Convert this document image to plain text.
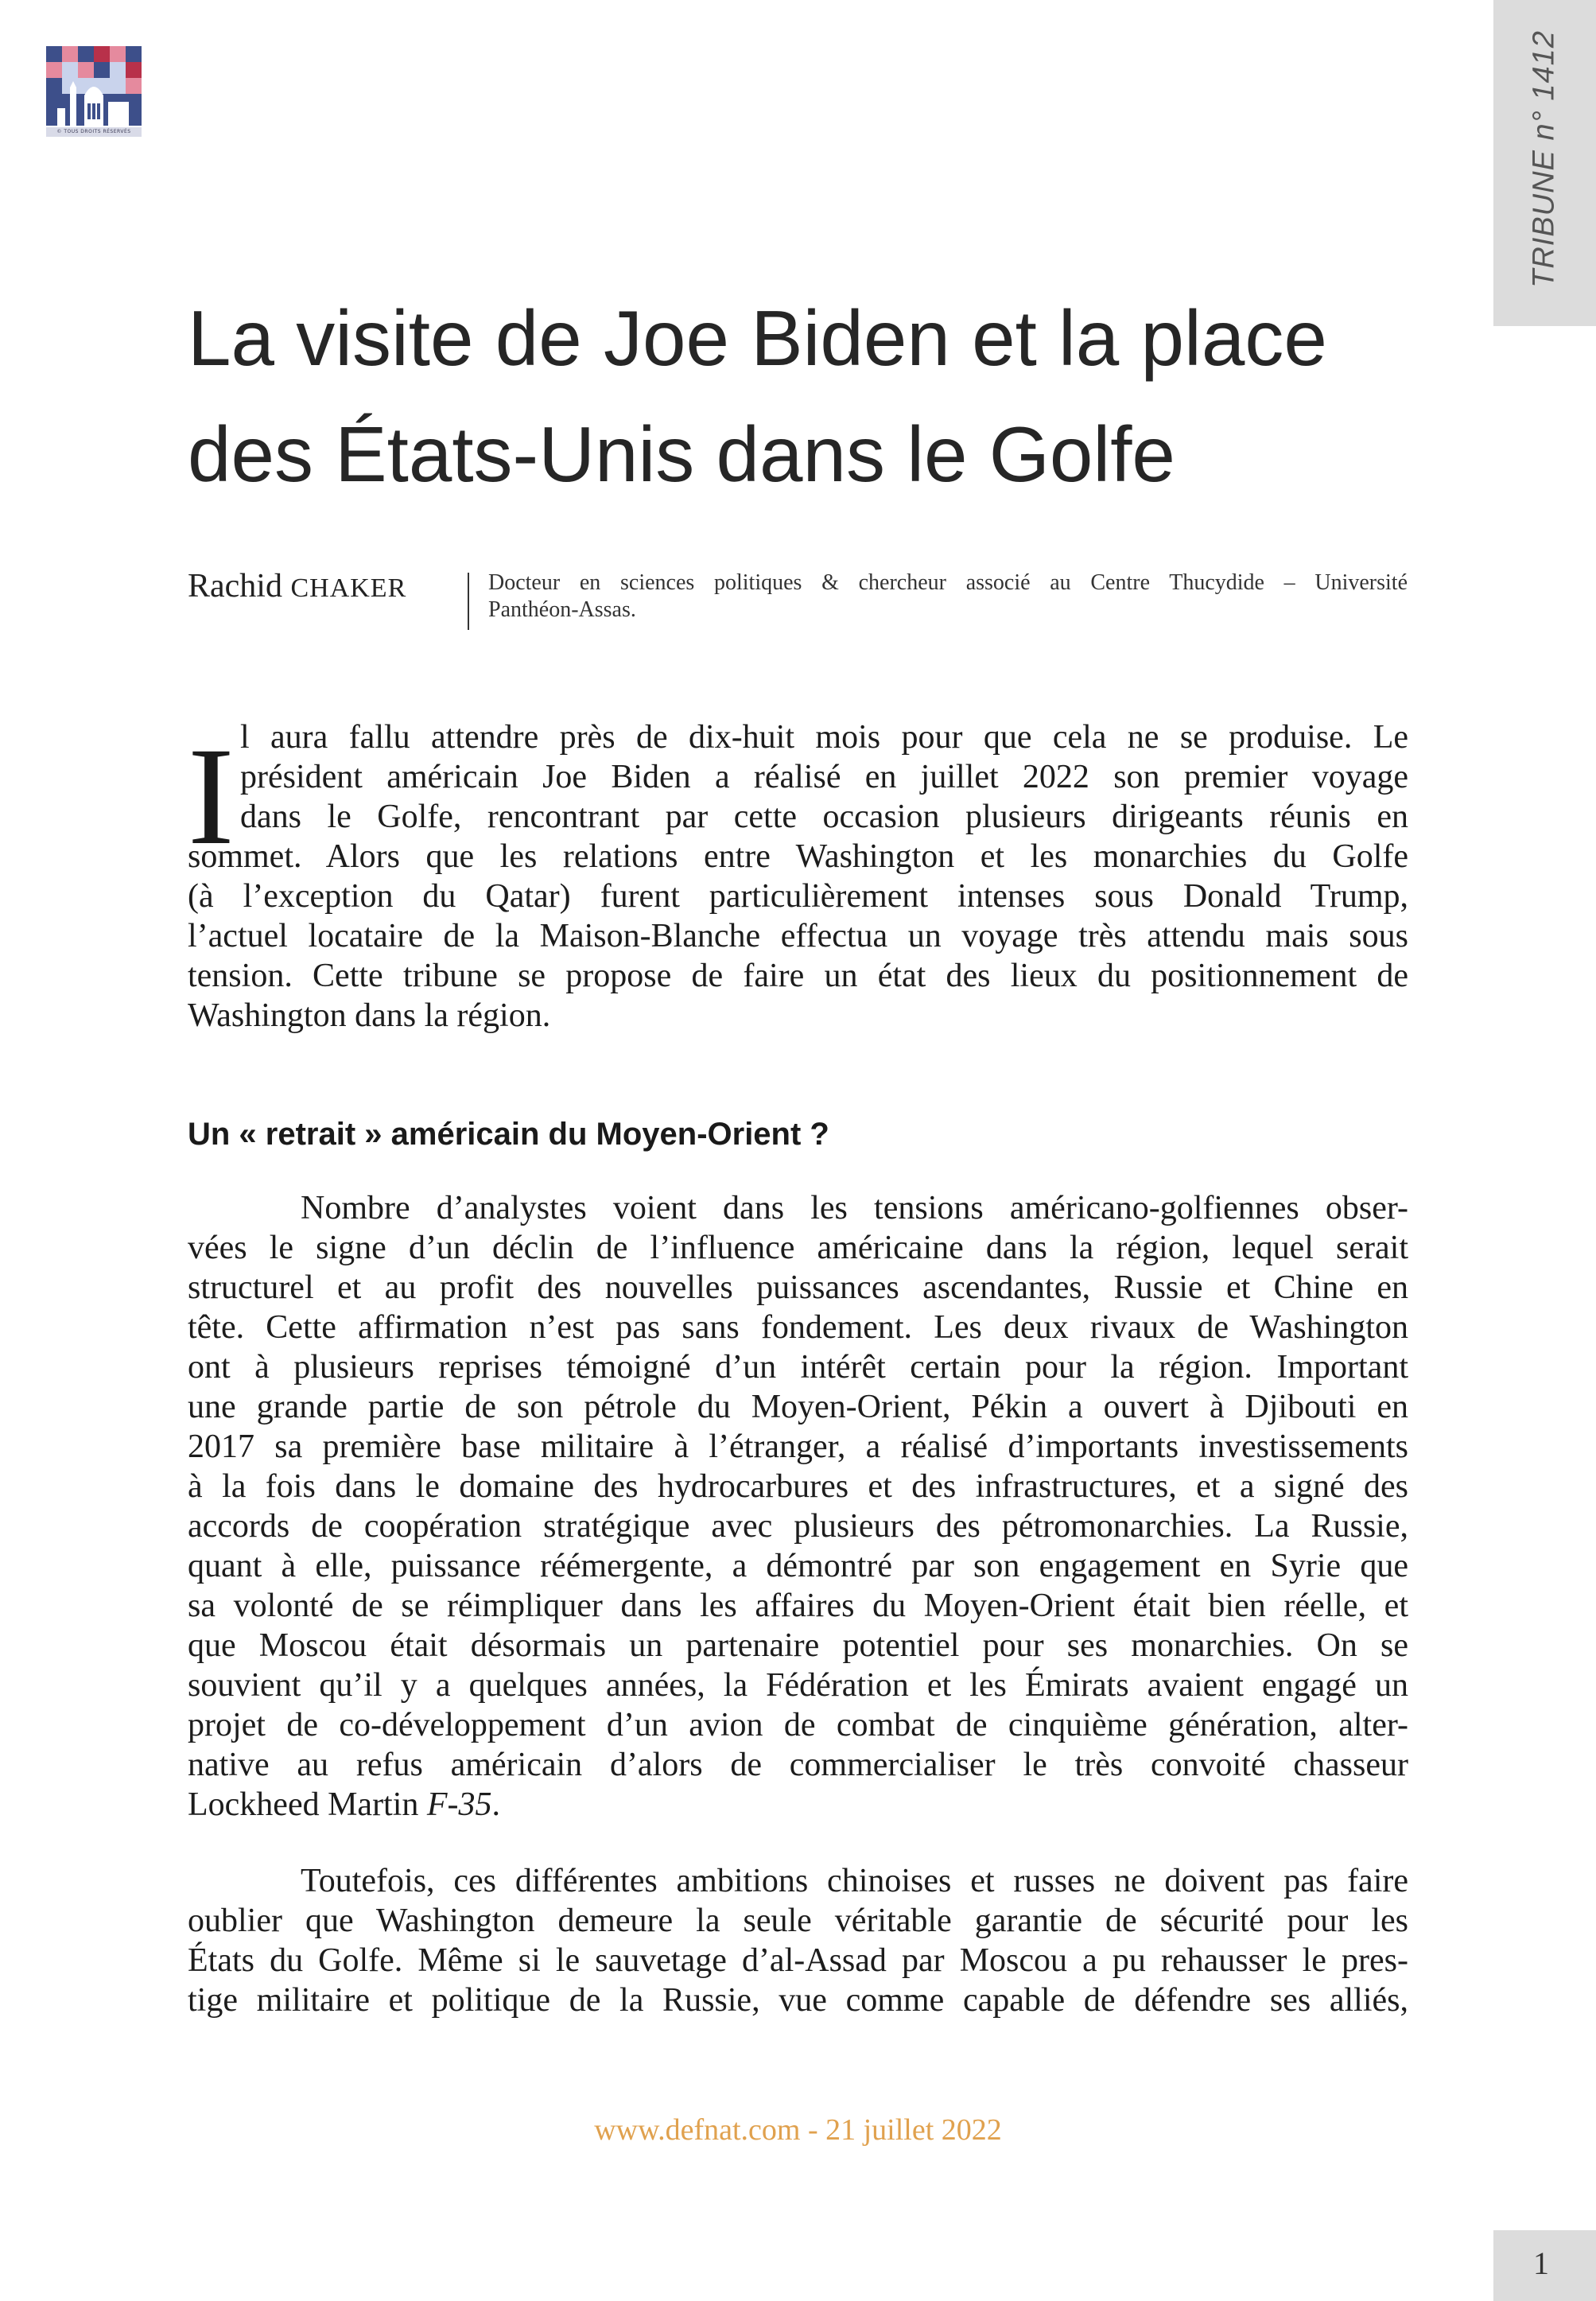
© TOUS DROITS RÉSERVÉS	TRIBUNE n° 1412
La visite de Joe Biden et la place
des États-Unis dans le Golfe
Rachid CHAKER	Docteur en sciences politiques & chercheur associé au Centre Thucydide – Université
Panthéon-Assas.
I l aura fallu attendre près de dix-huit mois pour que cela ne se produise. Le
président américain Joe Biden a réalisé en juillet 2022 son premier voyage
dans le Golfe, rencontrant par cette occasion plusieurs dirigeants réunis en
sommet. Alors que les relations entre Washington et les monarchies du Golfe
(à l’exception du Qatar) furent particulièrement intenses sous Donald Trump,
l’actuel locataire de la Maison-Blanche effectua un voyage très attendu mais sous
tension. Cette tribune se propose de faire un état des lieux du positionnement de
Washington dans la région.
Un « retrait » américain du Moyen-Orient ?
Nombre d’analystes voient dans les tensions américano-golfiennes obser-
vées le signe d’un déclin de l’influence américaine dans la région, lequel serait
structurel et au profit des nouvelles puissances ascendantes, Russie et Chine en
tête. Cette affirmation n’est pas sans fondement. Les deux rivaux de Washington
ont à plusieurs reprises témoigné d’un intérêt certain pour la région. Important
une grande partie de son pétrole du Moyen-Orient, Pékin a ouvert à Djibouti en
2017 sa première base militaire à l’étranger, a réalisé d’importants investissements
à la fois dans le domaine des hydrocarbures et des infrastructures, et a signé des
accords de coopération stratégique avec plusieurs des pétromonarchies. La Russie,
quant à elle, puissance réémergente, a démontré par son engagement en Syrie que
sa volonté de se réimpliquer dans les affaires du Moyen-Orient était bien réelle, et
que Moscou était désormais un partenaire potentiel pour ses monarchies. On se
souvient qu’il y a quelques années, la Fédération et les Émirats avaient engagé un
projet de co-développement d’un avion de combat de cinquième génération, alter-
native au refus américain d’alors de commercialiser le très convoité chasseur
Lockheed Martin F-35.
Toutefois, ces différentes ambitions chinoises et russes ne doivent pas faire
oublier que Washington demeure la seule véritable garantie de sécurité pour les
États du Golfe. Même si le sauvetage d’al-Assad par Moscou a pu rehausser le pres-
tige militaire et politique de la Russie, vue comme capable de défendre ses alliés,
www.defnat.com - 21 juillet 2022
1
